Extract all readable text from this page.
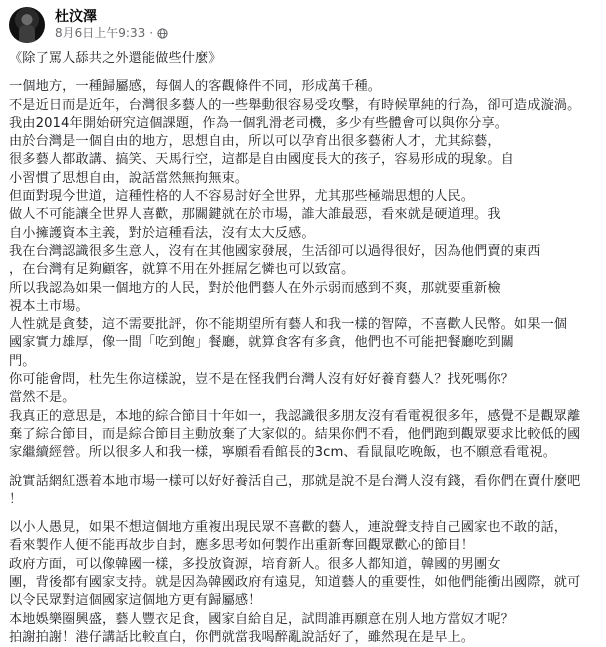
杜汶澤
8月6日上午9:33 ·
《除了罵人舔共之外還能做些什麼》
一個地方，一種歸屬感，每個人的客觀條件不同，形成萬千種。
不是近日而是近年，台灣很多藝人的一些舉動很容易受攻擊，有時候單純的行為，卻可造成漩渦。
我由2014年開始研究這個課題，作為一個乳滑老司機，多少有些體會可以與你分享。
由於台灣是一個自由的地方，思想自由，所以可以孕育出很多藝術人才，尤其綜藝，
很多藝人都敢講、搞笑、天馬行空，這都是自由國度長大的孩子，容易形成的現象。自
小習慣了思想自由，說話當然無拘無束。
但面對現今世道，這種性格的人不容易討好全世界，尤其那些極端思想的人民。
做人不可能讓全世界人喜歡，那關鍵就在於市場，誰大誰最惡，看來就是硬道理。我
自小擁護資本主義，對於這種看法，沒有太大反感。
我在台灣認識很多生意人，沒有在其他國家發展，生活卻可以過得很好，因為他們賣的東西
，在台灣有足夠顧客，就算不用在外捱屌乞憐也可以致富。
所以我認為如果一個地方的人民，對於他們藝人在外示弱而感到不爽，那就要重新檢
視本土市場。
人性就是貪婪，這不需要批評，你不能期望所有藝人和我一樣的智障，不喜歡人民幣。如果一個
國家實力雄厚，像一間「吃到飽」餐廳，就算食客有多貪，他們也不可能把餐廳吃到關
門。
你可能會問，杜先生你這樣說，豈不是在怪我們台灣人沒有好好養育藝人？找死嗎你？
當然不是。
我真正的意思是，本地的綜合節目十年如一，我認識很多朋友沒有看電視很多年，感覺不是觀眾離
棄了綜合節目，而是綜合節目主動放棄了大家似的。結果你們不看，他們跑到觀眾要求比較低的國
家繼續經營。所以很多人和我一樣，寧願看看館長的3cm、看鼠鼠吃晚飯，也不願意看電視。
說實話網紅憑着本地市場一樣可以好好養活自己，那就是說不是台灣人沒有錢，看你們在賣什麼吧
！
以小人愚見，如果不想這個地方重複出現民眾不喜歡的藝人，連說聲支持自己國家也不敢的話，
看來製作人便不能再故步自封，應多思考如何製作出重新奪回觀眾歡心的節目！
政府方面，可以像韓國一樣，多投放資源，培育新人。很多人都知道，韓國的男團女
團，背後都有國家支持。就是因為韓國政府有遠見，知道藝人的重要性，如他們能衝出國際，就可
以令民眾對這個國家這個地方更有歸屬感！
本地娛樂圈興盛，藝人豐衣足食，國家自給自足，試問誰再願意在別人地方當奴才呢？
拍謝拍謝！港仔講話比較直白，你們就當我喝醉亂說話好了，雖然現在是早上。
